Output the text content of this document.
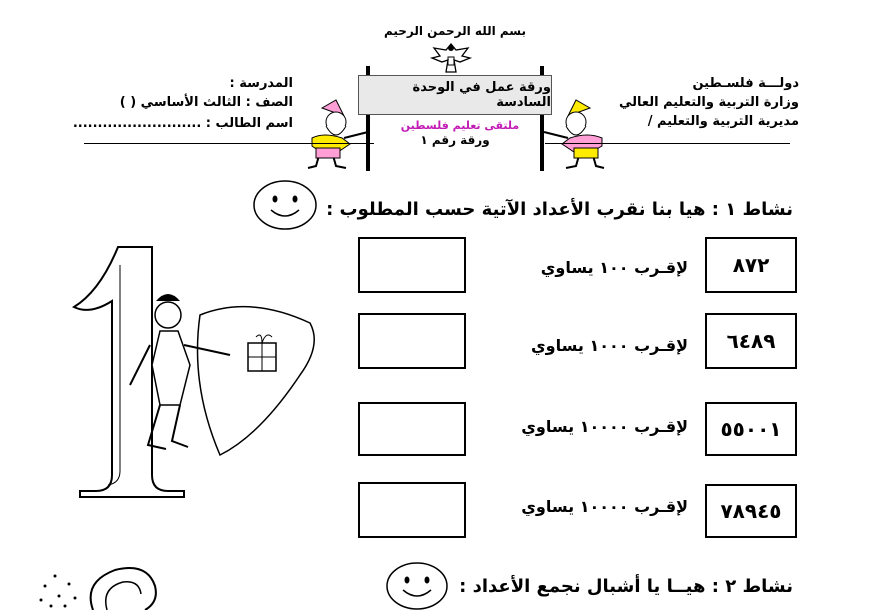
بسم الله الرحمن الرحيم
دولـــة فلسـطين
وزارة التربية والتعليم العالي
مديرية التربية والتعليم /
المدرسة :
الصف : الثالث الأساسي ( )
اسم الطالب : ..........................
ورقة عمل في الوحدة السادسة
ملتقى تعليم فلسطين
ورقة رقم ١
نشاط ١ : هيا بنا نقرب الأعداد الآتية حسب المطلوب :
٨٧٢
لإقـرب ١٠٠ يساوي
٦٤٨٩
لإقـرب ١٠٠٠ يساوي
٥٥٠٠١
لإقـرب ١٠٠٠٠ يساوي
٧٨٩٤٥
لإقـرب ١٠٠٠٠ يساوي
نشاط ٢ : هيــا يا أشبال نجمع الأعداد :
